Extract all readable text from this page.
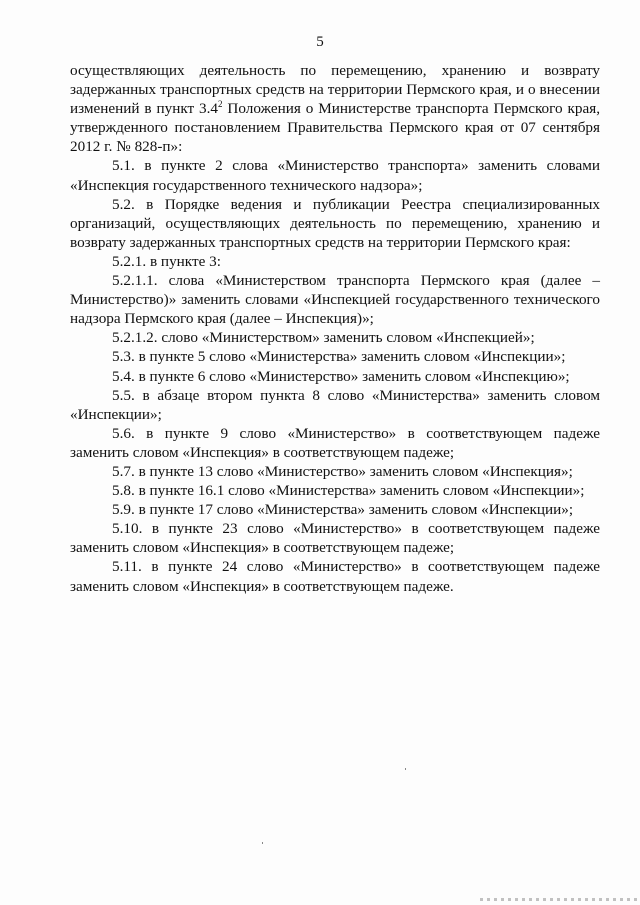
5

осуществляющих деятельность по перемещению, хранению и возврату задержанных транспортных средств на территории Пермского края, и о внесении изменений в пункт $3.4^2$ Положения о Министерстве транспорта Пермского края, утвержденного постановлением Правительства Пермского края от 07 сентября 2012 г. № 828-п»:

5.1. в пункте 2 слова «Министерство транспорта» заменить словами «Инспекция государственного технического надзора»;

5.2. в Порядке ведения и публикации Реестра специализированных организаций, осуществляющих деятельность по перемещению, хранению и возврату задержанных транспортных средств на территории Пермского края:

5.2.1. в пункте 3:

5.2.1.1. слова «Министерством транспорта Пермского края (далее – Министерство)» заменить словами «Инспекцией государственного технического надзора Пермского края (далее – Инспекция)»;

5.2.1.2. слово «Министерством» заменить словом «Инспекцией»;

5.3. в пункте 5 слово «Министерства» заменить словом «Инспекции»;

5.4. в пункте 6 слово «Министерство» заменить словом «Инспекцию»;

5.5. в абзаце втором пункта 8 слово «Министерства» заменить словом «Инспекции»;

5.6. в пункте 9 слово «Министерство» в соответствующем падеже заменить словом «Инспекция» в соответствующем падеже;

5.7. в пункте 13 слово «Министерство» заменить словом «Инспекция»;

5.8. в пункте 16.1 слово «Министерства» заменить словом «Инспекции»;

5.9. в пункте 17 слово «Министерства» заменить словом «Инспекции»;

5.10. в пункте 23 слово «Министерство» в соответствующем падеже заменить словом «Инспекция» в соответствующем падеже;

5.11. в пункте 24 слово «Министерство» в соответствующем падеже заменить словом «Инспекция» в соответствующем падеже.
